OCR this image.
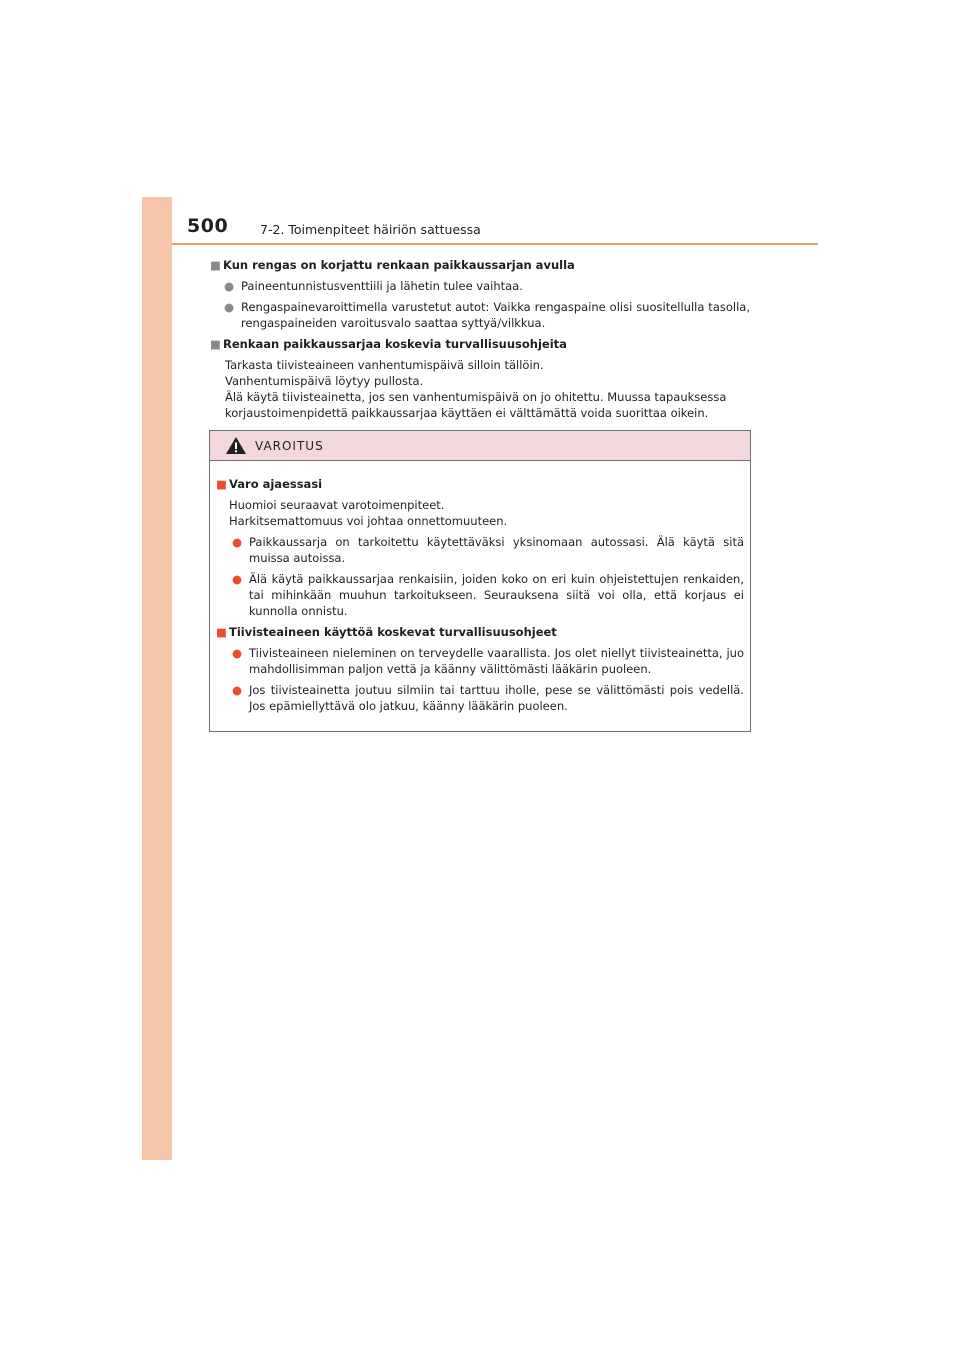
500	7-2. Toimenpiteet häiriön sattuessa
■ Kun rengas on korjattu renkaan paikkaussarjan avulla
● Paineentunnistusventtiili ja lähetin tulee vaihtaa.
● Rengaspainevaroittimella varustetut autot: Vaikka rengaspaine olisi suositellulla tasolla, rengaspaineiden varoitusvalo saattaa syttyä/vilkkua.
■ Renkaan paikkaussarjaa koskevia turvallisuusohjeita
Tarkasta tiivisteaineen vanhentumispäivä silloin tällöin.
Vanhentumispäivä löytyy pullosta.
Älä käytä tiivisteainetta, jos sen vanhentumispäivä on jo ohitettu. Muussa tapauksessa
korjaustoimenpidettä paikkaussarjaa käyttäen ei välttämättä voida suorittaa oikein.
VAROITUS
■ Varo ajaessasi
Huomioi seuraavat varotoimenpiteet.
Harkitsemattomuus voi johtaa onnettomuuteen.
● Paikkaussarja on tarkoitettu käytettäväksi yksinomaan autossasi. Älä käytä sitä muissa autoissa.
● Älä käytä paikkaussarjaa renkaisiin, joiden koko on eri kuin ohjeistettujen renkaiden, tai mihinkään muuhun tarkoitukseen. Seurauksena siitä voi olla, että korjaus ei kunnolla onnistu.
■ Tiivisteaineen käyttöä koskevat turvallisuusohjeet
● Tiivisteaineen nieleminen on terveydelle vaarallista. Jos olet niellyt tiivisteainetta, juo mahdollisimman paljon vettä ja käänny välittömästi lääkärin puoleen.
● Jos tiivisteainetta joutuu silmiin tai tarttuu iholle, pese se välittömästi pois vedellä. Jos epämiellyttävä olo jatkuu, käänny lääkärin puoleen.
